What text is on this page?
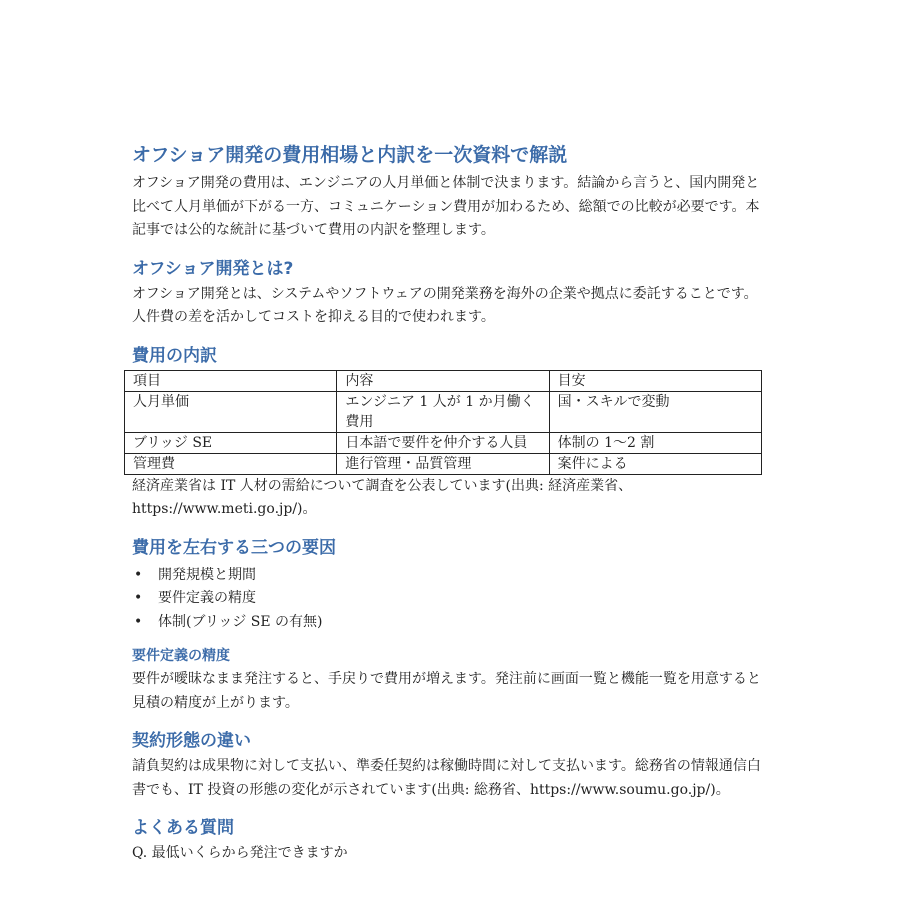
オフショア開発の費用相場と内訳を一次資料で解説

オフショア開発の費用は、エンジニアの人月単価と体制で決まります。結論から言うと、国内開発と比べて人月単価が下がる一方、コミュニケーション費用が加わるため、総額での比較が必要です。本記事では公的な統計に基づいて費用の内訳を整理します。

オフショア開発とは?

オフショア開発とは、システムやソフトウェアの開発業務を海外の企業や拠点に委託することです。人件費の差を活かしてコストを抑える目的で使われます。

費用の内訳
項目	内容	目安
人月単価	エンジニア 1 人が 1 か月働く費用	国・スキルで変動
ブリッジ SE	日本語で要件を仲介する人員	体制の 1〜2 割
管理費	進行管理・品質管理	案件による

経済産業省は IT 人材の需給について調査を公表しています(出典: 経済産業省、https://www.meti.go.jp/)。

費用を左右する三つの要因
• 開発規模と期間
• 要件定義の精度
• 体制(ブリッジ SE の有無)
要件定義の精度

要件が曖昧なまま発注すると、手戻りで費用が増えます。発注前に画面一覧と機能一覧を用意すると見積の精度が上がります。

契約形態の違い

請負契約は成果物に対して支払い、準委任契約は稼働時間に対して支払います。総務省の情報通信白書でも、IT 投資の形態の変化が示されています(出典: 総務省、https://www.soumu.go.jp/)。

よくある質問

Q. 最低いくらから発注できますか
